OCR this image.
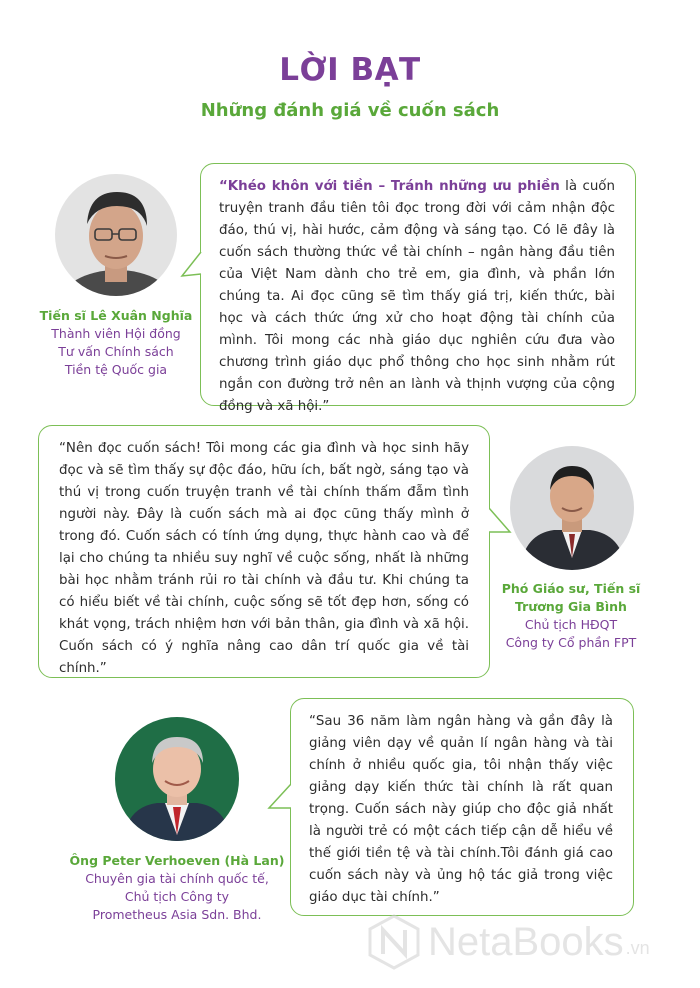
LỜI BẠT
Những đánh giá về cuốn sách
Tiến sĩ Lê Xuân Nghĩa
Thành viên Hội đồng
Tư vấn Chính sách
Tiền tệ Quốc gia

“Khéo khôn với tiền – Tránh những ưu phiền là cuốn truyện tranh đầu tiên tôi đọc trong đời với cảm nhận độc đáo, thú vị, hài hước, cảm động và sáng tạo. Có lẽ đây là cuốn sách thường thức về tài chính – ngân hàng đầu tiên của Việt Nam dành cho trẻ em, gia đình, và phần lớn chúng ta. Ai đọc cũng sẽ tìm thấy giá trị, kiến thức, bài học và cách thức ứng xử cho hoạt động tài chính của mình. Tôi mong các nhà giáo dục nghiên cứu đưa vào chương trình giáo dục phổ thông cho học sinh nhằm rút ngắn con đường trở nên an lành và thịnh vượng của cộng đồng và xã hội.”

“Nên đọc cuốn sách! Tôi mong các gia đình và học sinh hãy đọc và sẽ tìm thấy sự độc đáo, hữu ích, bất ngờ, sáng tạo và thú vị trong cuốn truyện tranh về tài chính thấm đẫm tình người này. Đây là cuốn sách mà ai đọc cũng thấy mình ở trong đó. Cuốn sách có tính ứng dụng, thực hành cao và để lại cho chúng ta nhiều suy nghĩ về cuộc sống, nhất là những bài học nhằm tránh rủi ro tài chính và đầu tư. Khi chúng ta có hiểu biết về tài chính, cuộc sống sẽ tốt đẹp hơn, sống có khát vọng, trách nhiệm hơn với bản thân, gia đình và xã hội. Cuốn sách có ý nghĩa nâng cao dân trí quốc gia về tài chính.”

Phó Giáo sư, Tiến sĩ
Trương Gia Bình
Chủ tịch HĐQT
Công ty Cổ phần FPT
Ông Peter Verhoeven (Hà Lan)
Chuyên gia tài chính quốc tế,
Chủ tịch Công ty
Prometheus Asia Sdn. Bhd.

“Sau 36 năm làm ngân hàng và gần đây là giảng viên dạy về quản lí ngân hàng và tài chính ở nhiều quốc gia, tôi nhận thấy việc giảng dạy kiến thức tài chính là rất quan trọng. Cuốn sách này giúp cho độc giả nhất là người trẻ có một cách tiếp cận dễ hiểu về thế giới tiền tệ và tài chính.Tôi đánh giá cao cuốn sách này và ủng hộ tác giả trong việc giáo dục tài chính.”

NetaBooks .vn
